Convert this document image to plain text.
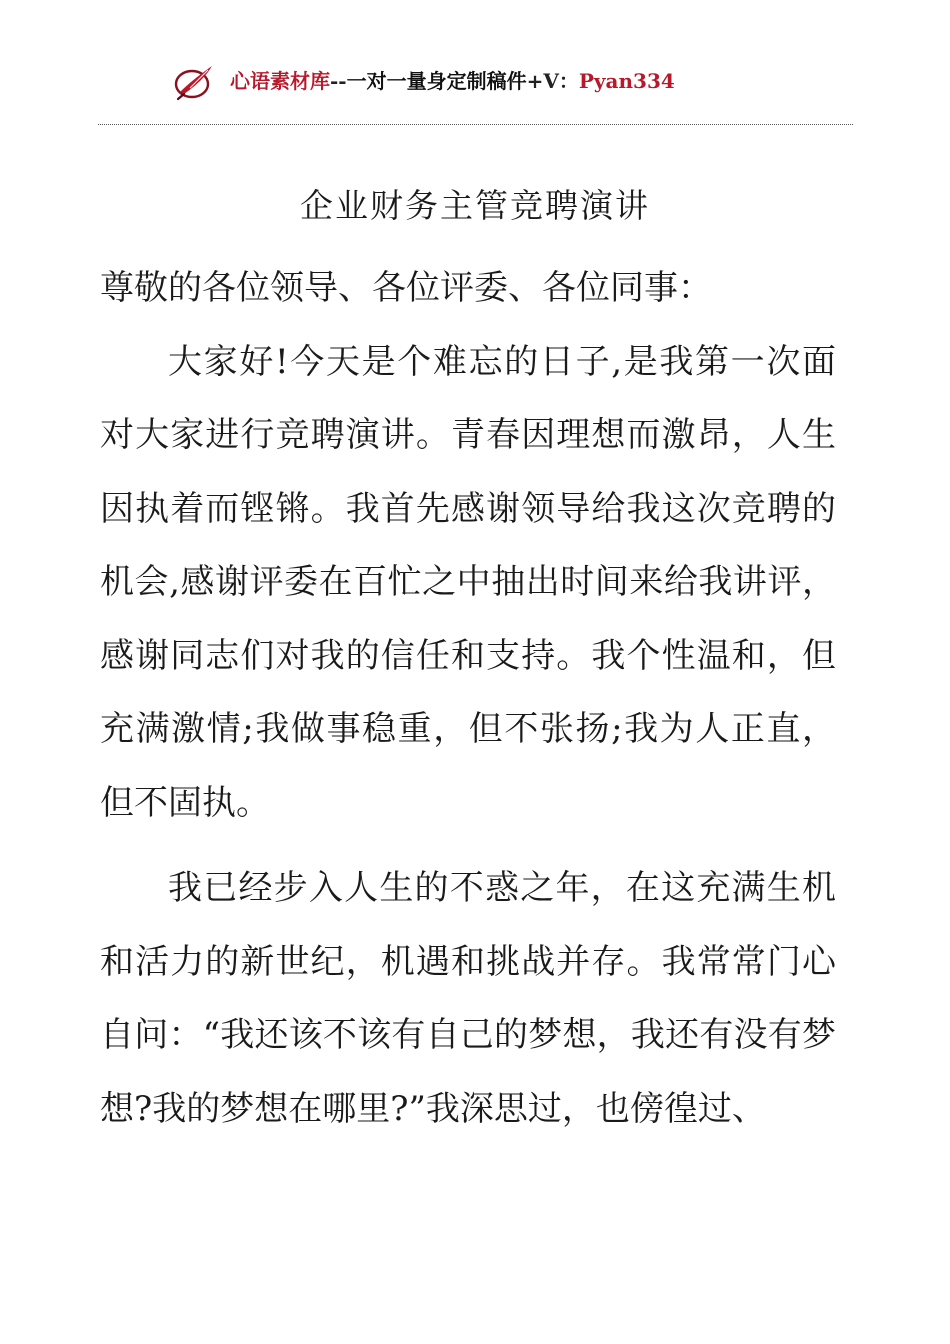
心语素材库--一对一量身定制稿件+V：Pyan334
企业财务主管竞聘演讲

尊敬的各位领导、各位评委、各位同事：

大家好!今天是个难忘的日子,是我第一次面对大家进行竞聘演讲。青春因理想而激昂，人生因执着而铿锵。我首先感谢领导给我这次竞聘的机会,感谢评委在百忙之中抽出时间来给我讲评，感谢同志们对我的信任和支持。我个性温和，但充满激情;我做事稳重，但不张扬;我为人正直，但不固执。

我已经步入人生的不惑之年，在这充满生机和活力的新世纪，机遇和挑战并存。我常常门心自问：“我还该不该有自己的梦想，我还有没有梦想?我的梦想在哪里?”我深思过，也傍徨过、
